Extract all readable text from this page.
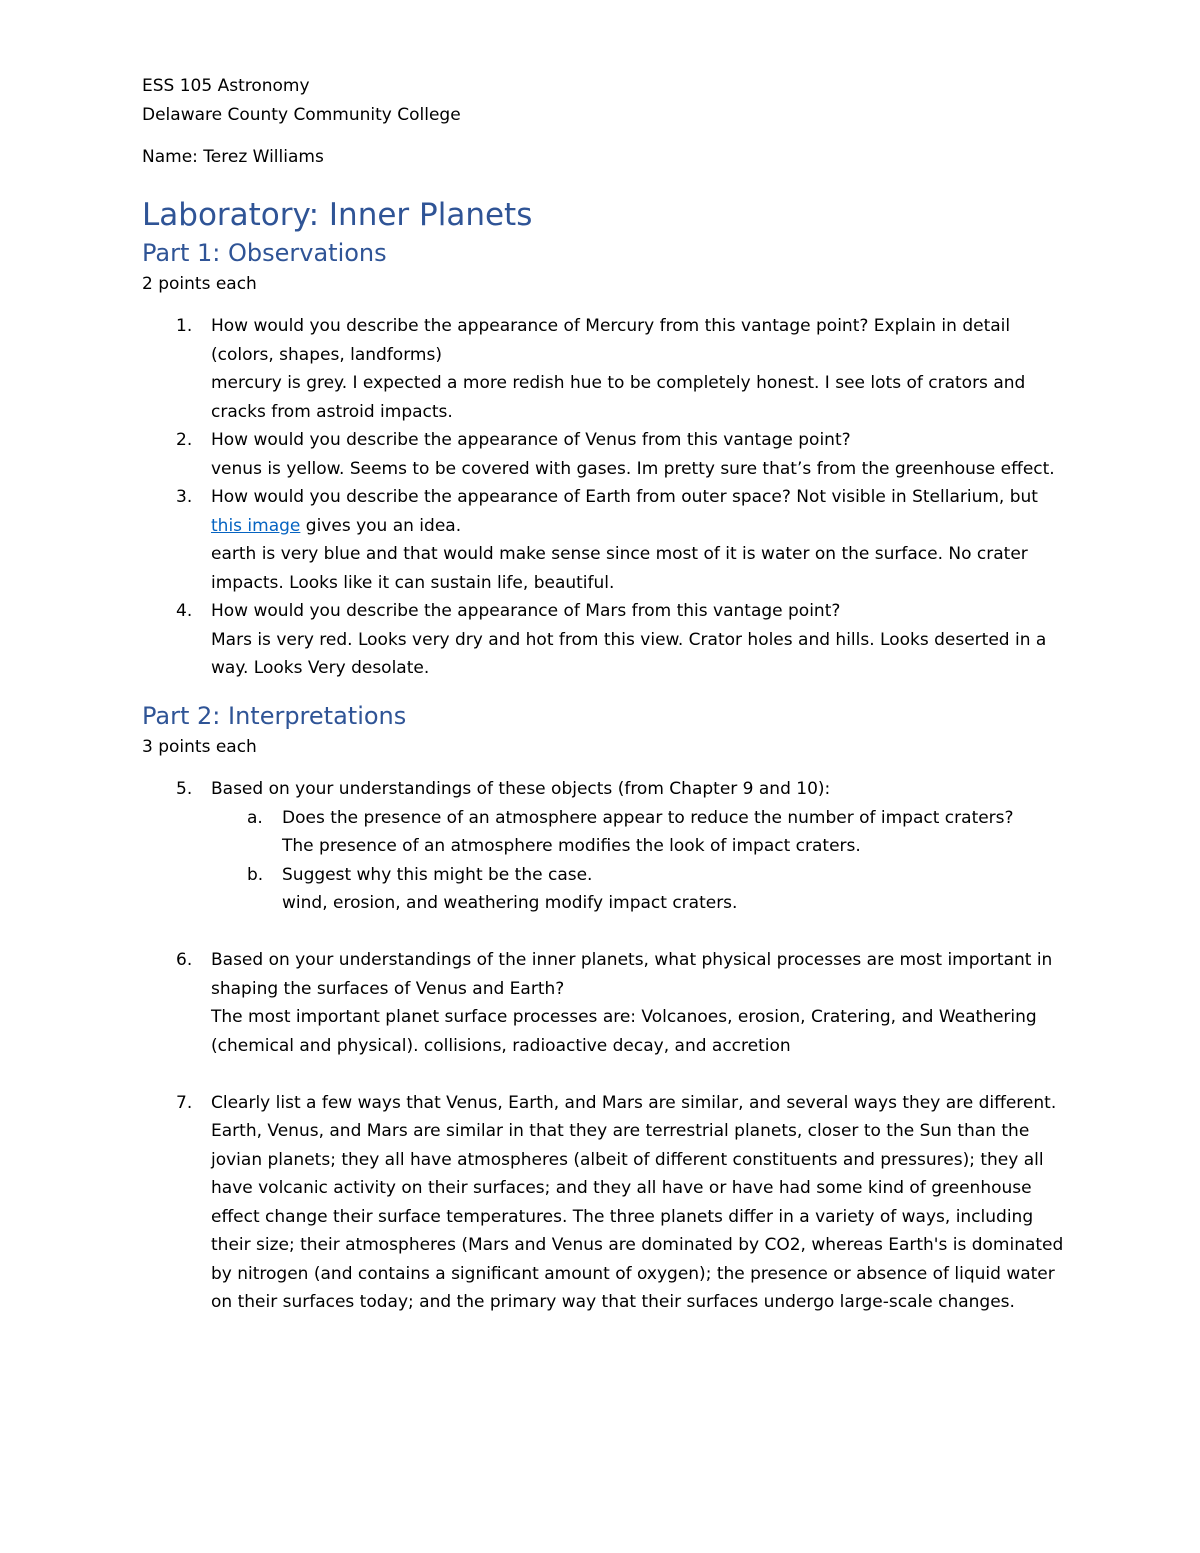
ESS 105 Astronomy

Delaware County Community College

Name: Terez Williams

Laboratory: Inner Planets
Part 1: Observations

2 points each

1. How would you describe the appearance of Mercury from this vantage point? Explain in detail (colors, shapes, landforms)
mercury is grey. I expected a more redish hue to be completely honest. I see lots of crators and cracks from astroid impacts.
2. How would you describe the appearance of Venus from this vantage point?
venus is yellow. Seems to be covered with gases. Im pretty sure that’s from the greenhouse effect.
3. How would you describe the appearance of Earth from outer space? Not visible in Stellarium, but this image gives you an idea.
earth is very blue and that would make sense since most of it is water on the surface. No crater impacts. Looks like it can sustain life, beautiful.
4. How would you describe the appearance of Mars from this vantage point?
Mars is very red. Looks very dry and hot from this view. Crator holes and hills. Looks deserted in a way. Looks Very desolate.
Part 2: Interpretations

3 points each

5. Based on your understandings of these objects (from Chapter 9 and 10):
a. Does the presence of an atmosphere appear to reduce the number of impact craters?
The presence of an atmosphere modifies the look of impact craters.
b. Suggest why this might be the case.
wind, erosion, and weathering modify impact craters.
6. Based on your understandings of the inner planets, what physical processes are most important in shaping the surfaces of Venus and Earth?
The most important planet surface processes are: Volcanoes, erosion, Cratering, and Weathering (chemical and physical). collisions, radioactive decay, and accretion
7. Clearly list a few ways that Venus, Earth, and Mars are similar, and several ways they are different.
Earth, Venus, and Mars are similar in that they are terrestrial planets, closer to the Sun than the jovian planets; they all have atmospheres (albeit of different constituents and pressures); they all have volcanic activity on their surfaces; and they all have or have had some kind of greenhouse effect change their surface temperatures. The three planets differ in a variety of ways, including their size; their atmospheres (Mars and Venus are dominated by CO2, whereas Earth's is dominated by nitrogen (and contains a significant amount of oxygen); the presence or absence of liquid water on their surfaces today; and the primary way that their surfaces undergo large-scale changes.
